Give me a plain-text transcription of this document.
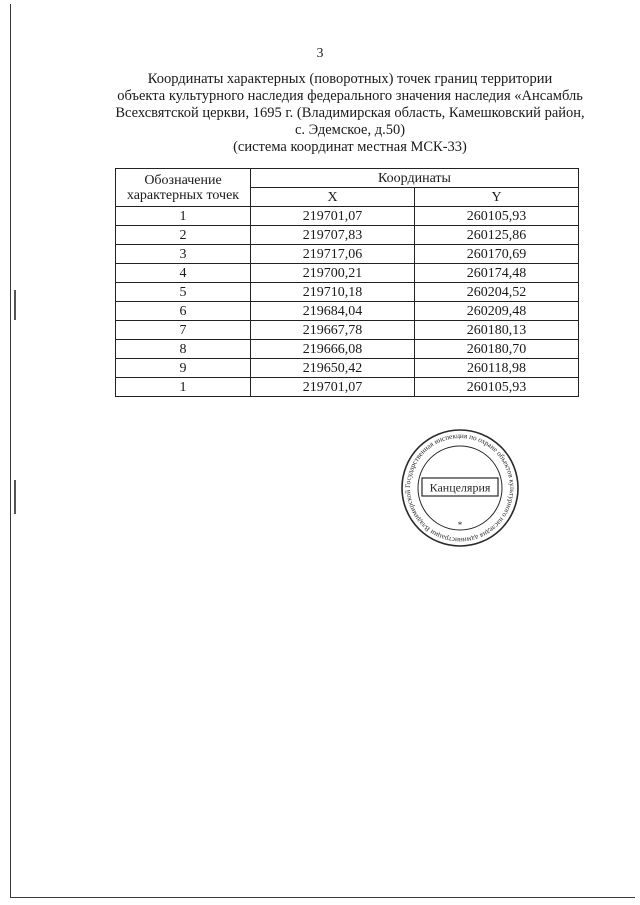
3
Координаты характерных (поворотных) точек границ территории
объекта культурного наследия федерального значения наследия «Ансамбль
Всехсвятской церкви, 1695 г. (Владимирская область, Камешковский район,
с. Эдемское, д.50)
(система координат местная МСК-33)
Обозначение
характерных точек	Координаты	
	X	Y
1	219701,07	260105,93
2	219707,83	260125,86
3	219717,06	260170,69
4	219700,21	260174,48
5	219710,18	260204,52
6	219684,04	260209,48
7	219667,78	260180,13
8	219666,08	260180,70
9	219650,42	260118,98
1	219701,07	260105,93
Государственная инспекция по охране объектов культурного наследия администрации Владимирской	Канцелярия
*
